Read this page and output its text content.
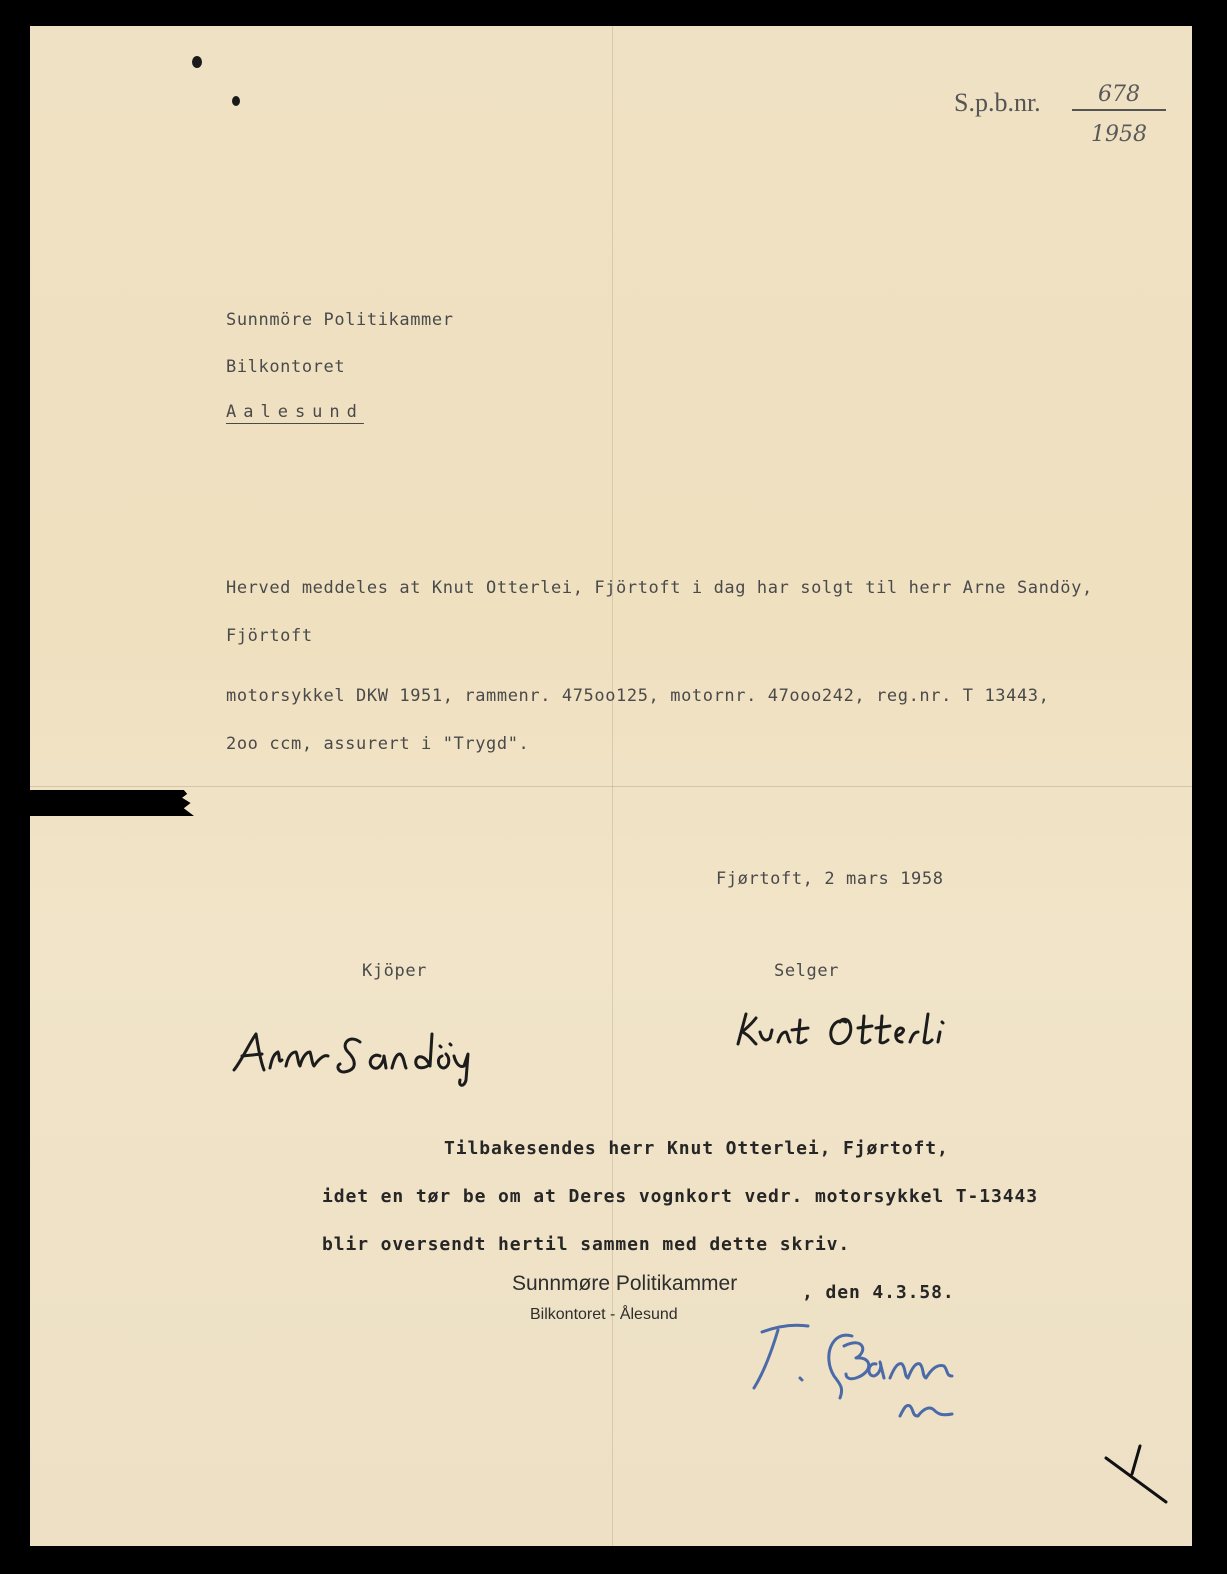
S.p.b.nr.	678
1958
Sunnmöre Politikammer
Bilkontoret
Aalesund
Herved meddeles at Knut Otterlei, Fjörtoft i dag har solgt til herr Arne Sandöy,
Fjörtoft
motorsykkel DKW 1951, rammenr. 475oo125, motornr. 47ooo242, reg.nr. T 13443,
2oo ccm, assurert i "Trygd".
Fjørtoft, 2 mars 1958
Kjöper	Selger
Tilbakesendes herr Knut Otterlei, Fjørtoft,
idet en tør be om at Deres vognkort vedr. motorsykkel T-13443
blir oversendt hertil sammen med dette skriv.
Sunnmøre Politikammer
Bilkontoret - Ålesund
, den 4.3.58.
